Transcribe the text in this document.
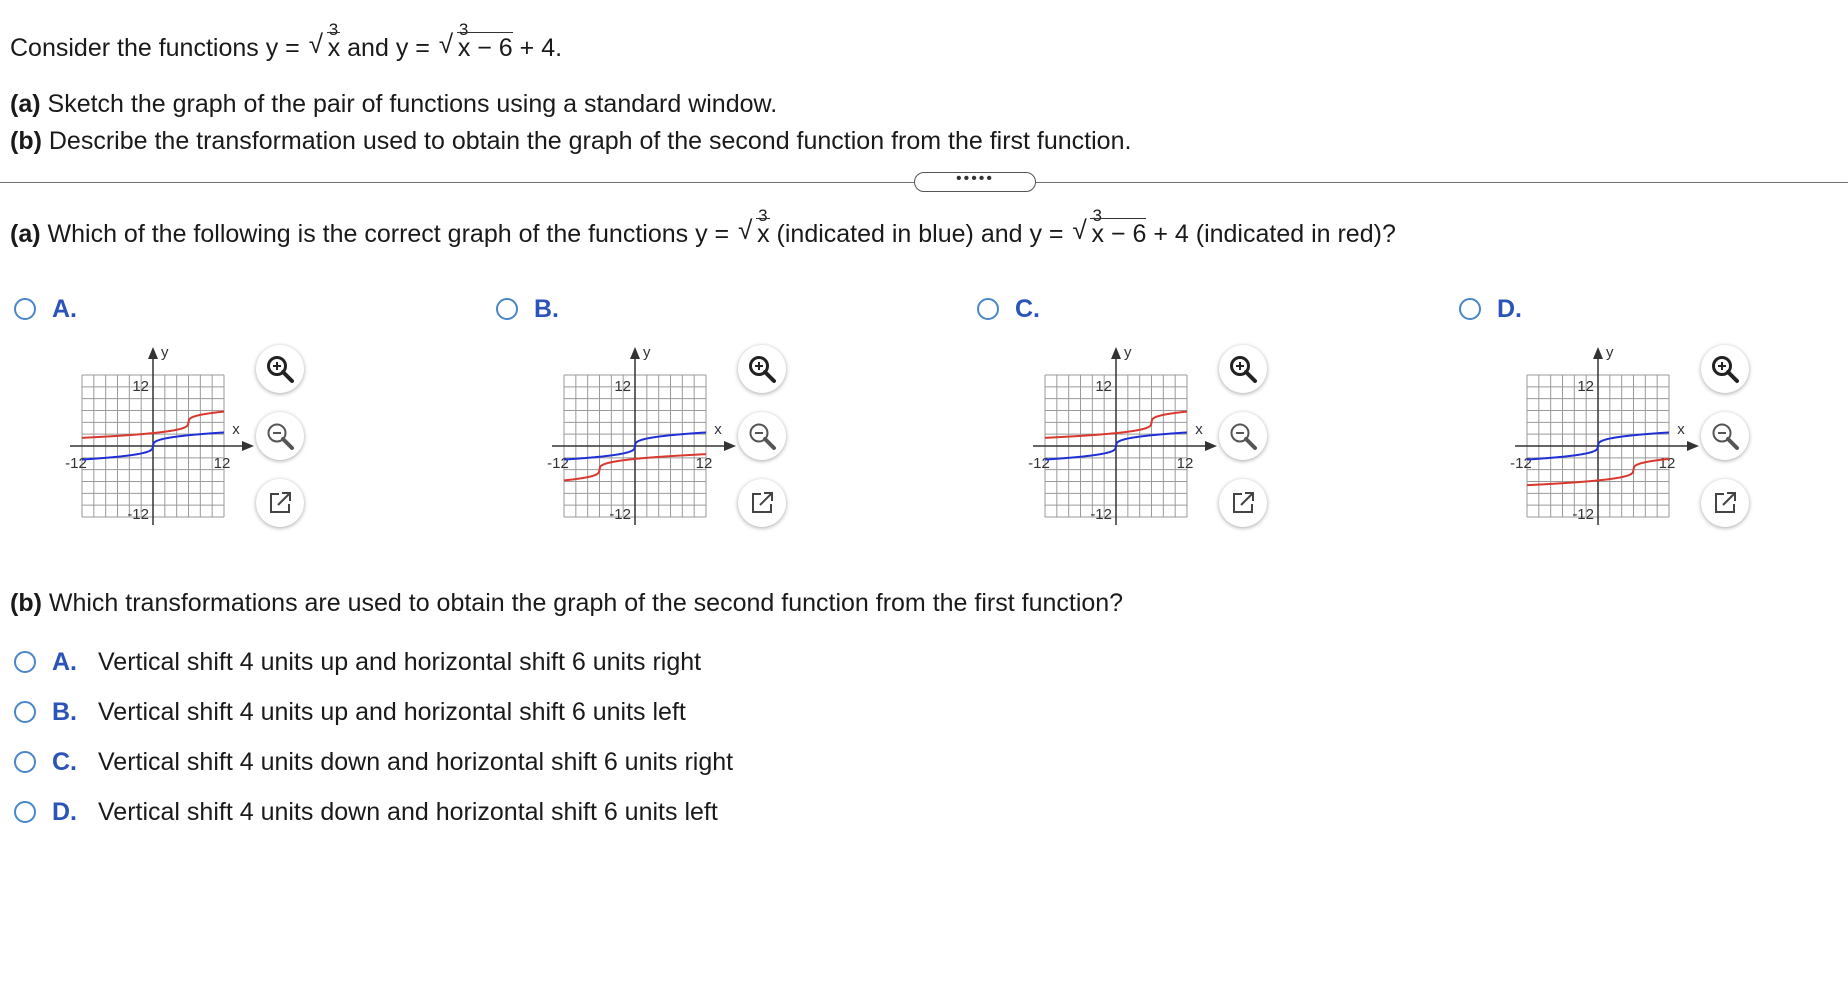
Consider the functions y =
3
√ x and y =
3
√ x − 6 + 4.
(a) Sketch the graph of the pair of functions using a standard window.
(b) Describe the transformation used to obtain the graph of the second function from the first function.
•••••
(a) Which of the following is the correct graph of the functions y =
3
√ x (indicated in blue) and y =
3
√ x − 6 + 4 (indicated in red)?
A.
y
x
12
-12
-12	12
B.
y
x
12
-12
-12	12
C.
y
x
12
-12
-12	12
D.
y
x
12
-12
-12	12
(b) Which transformations are used to obtain the graph of the second function from the first function?
A. Vertical shift 4 units up and horizontal shift 6 units right
B. Vertical shift 4 units up and horizontal shift 6 units left
C. Vertical shift 4 units down and horizontal shift 6 units right
D. Vertical shift 4 units down and horizontal shift 6 units left
